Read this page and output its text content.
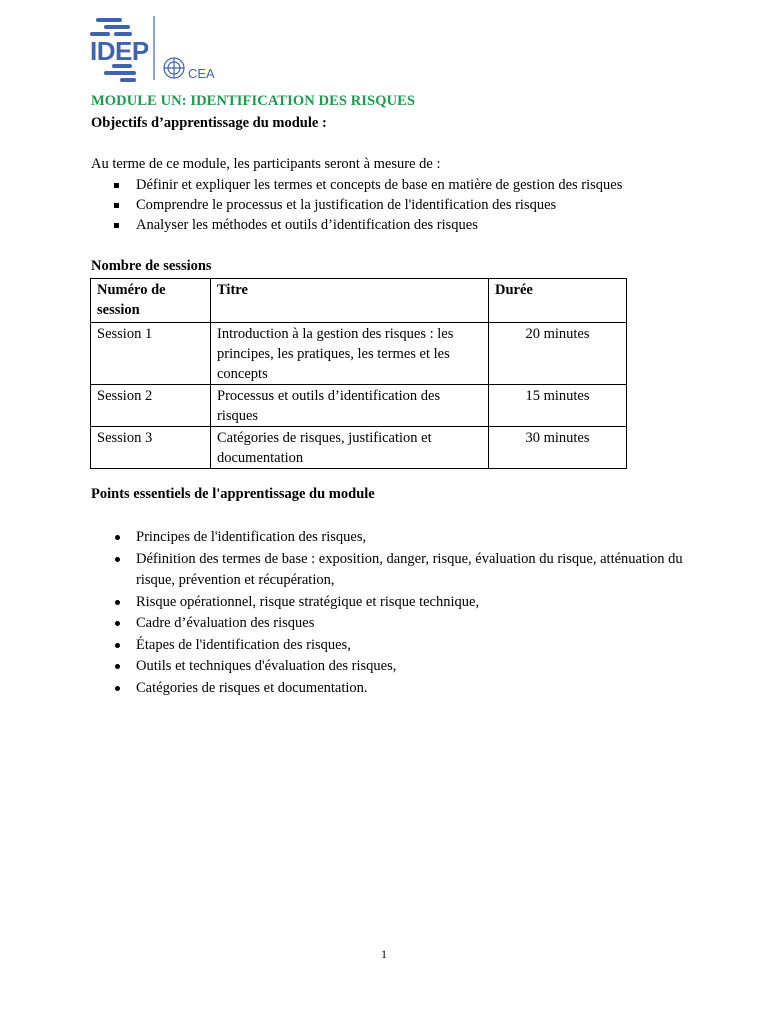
IDEP
CEA
MODULE UN: IDENTIFICATION DES RISQUES

Objectifs d’apprentissage du module :

Au terme de ce module, les participants seront à mesure de :

Définir et expliquer les termes et concepts de base en matière de gestion des risques
Comprendre le processus et la justification de l'identification des risques
Analyser les méthodes et outils d’identification des risques

Nombre de sessions

Numéro de session	Titre	Durée
Session 1	Introduction à la gestion des risques : les principes, les pratiques, les termes et les concepts	20 minutes
Session 2	Processus et outils d’identification des risques	15 minutes
Session 3	Catégories de risques, justification et documentation	30 minutes

Points essentiels de l'apprentissage du module

Principes de l'identification des risques,
Définition des termes de base : exposition, danger, risque, évaluation du risque, atténuation du risque, prévention et récupération,
Risque opérationnel, risque stratégique et risque technique,
Cadre d’évaluation des risques
Étapes de l'identification des risques,
Outils et techniques d'évaluation des risques,
Catégories de risques et documentation.

1
